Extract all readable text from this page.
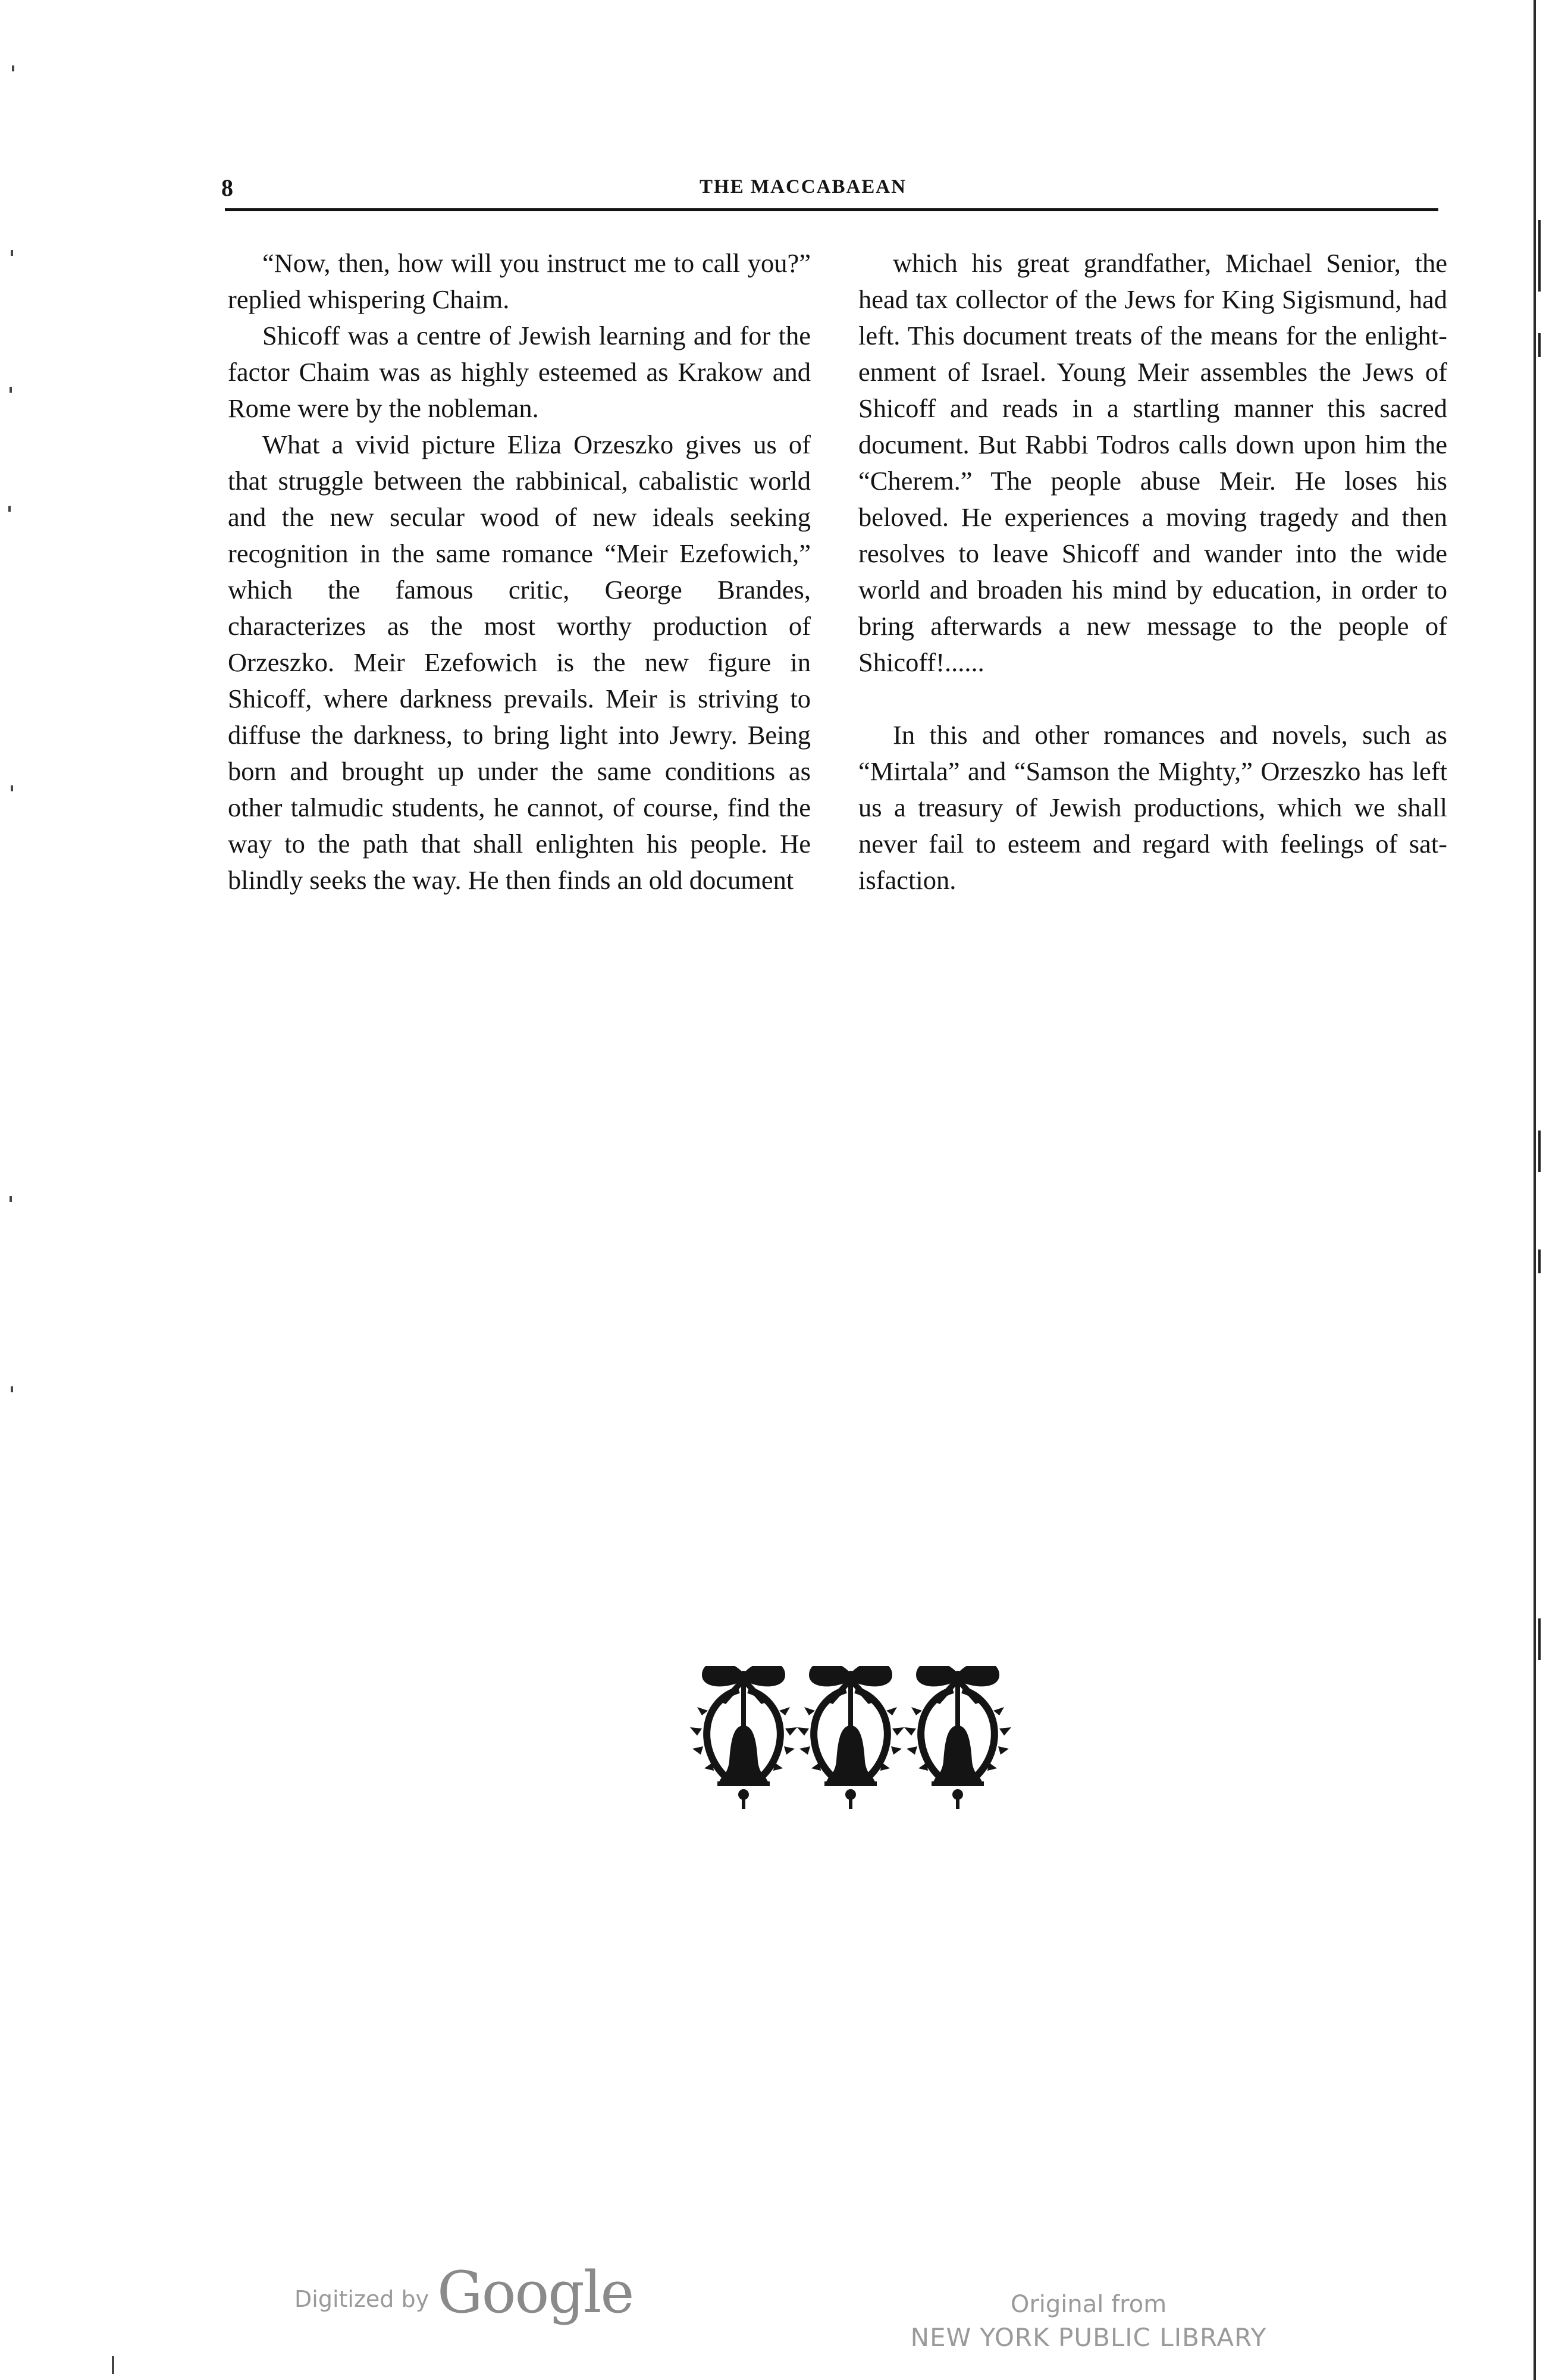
8	THE MACCABAEAN

“Now, then, how will you instruct me to call you?” replied whispering Chaim.

Shicoff was a centre of Jewish learning and for the factor Chaim was as highly esteemed as Krakow and Rome were by the nobleman.

What a vivid picture Eliza Orzeszko gives us of that struggle between the rabbinical, cabalistic world and the new secular wood of new ideals seeking recognition in the same romance “Meir Ezefowich,” which the famous critic, George Brandes, characterizes as the most worthy production of Orzeszko. Meir Ezefowich is the new figure in Shicoff, where darkness prevails. Meir is striving to diffuse the darkness, to bring light into Jewry. Being born and brought up under the same conditions as other talmudic students, he cannot, of course, find the way to the path that shall enlighten his people. He blindly seeks the way. He then finds an old document

which his great grandfather, Michael Senior, the head tax collector of the Jews for King Sigismund, had left. This document treats of the means for the enlightenment of Israel. Young Meir assembles the Jews of Shicoff and reads in a startling manner this sacred document. But Rabbi Todros calls down upon him the “Cherem.” The people abuse Meir. He loses his beloved. He experiences a moving tragedy and then resolves to leave Shicoff and wander into the wide world and broaden his mind by education, in order to bring afterwards a new message to the people of Shicoff!......

In this and other romances and novels, such as “Mirtala” and “Samson the Mighty,” Orzeszko has left us a treasury of Jewish productions, which we shall never fail to esteem and regard with feelings of satisfaction.

Digitized by Google	Original from
NEW YORK PUBLIC LIBRARY
